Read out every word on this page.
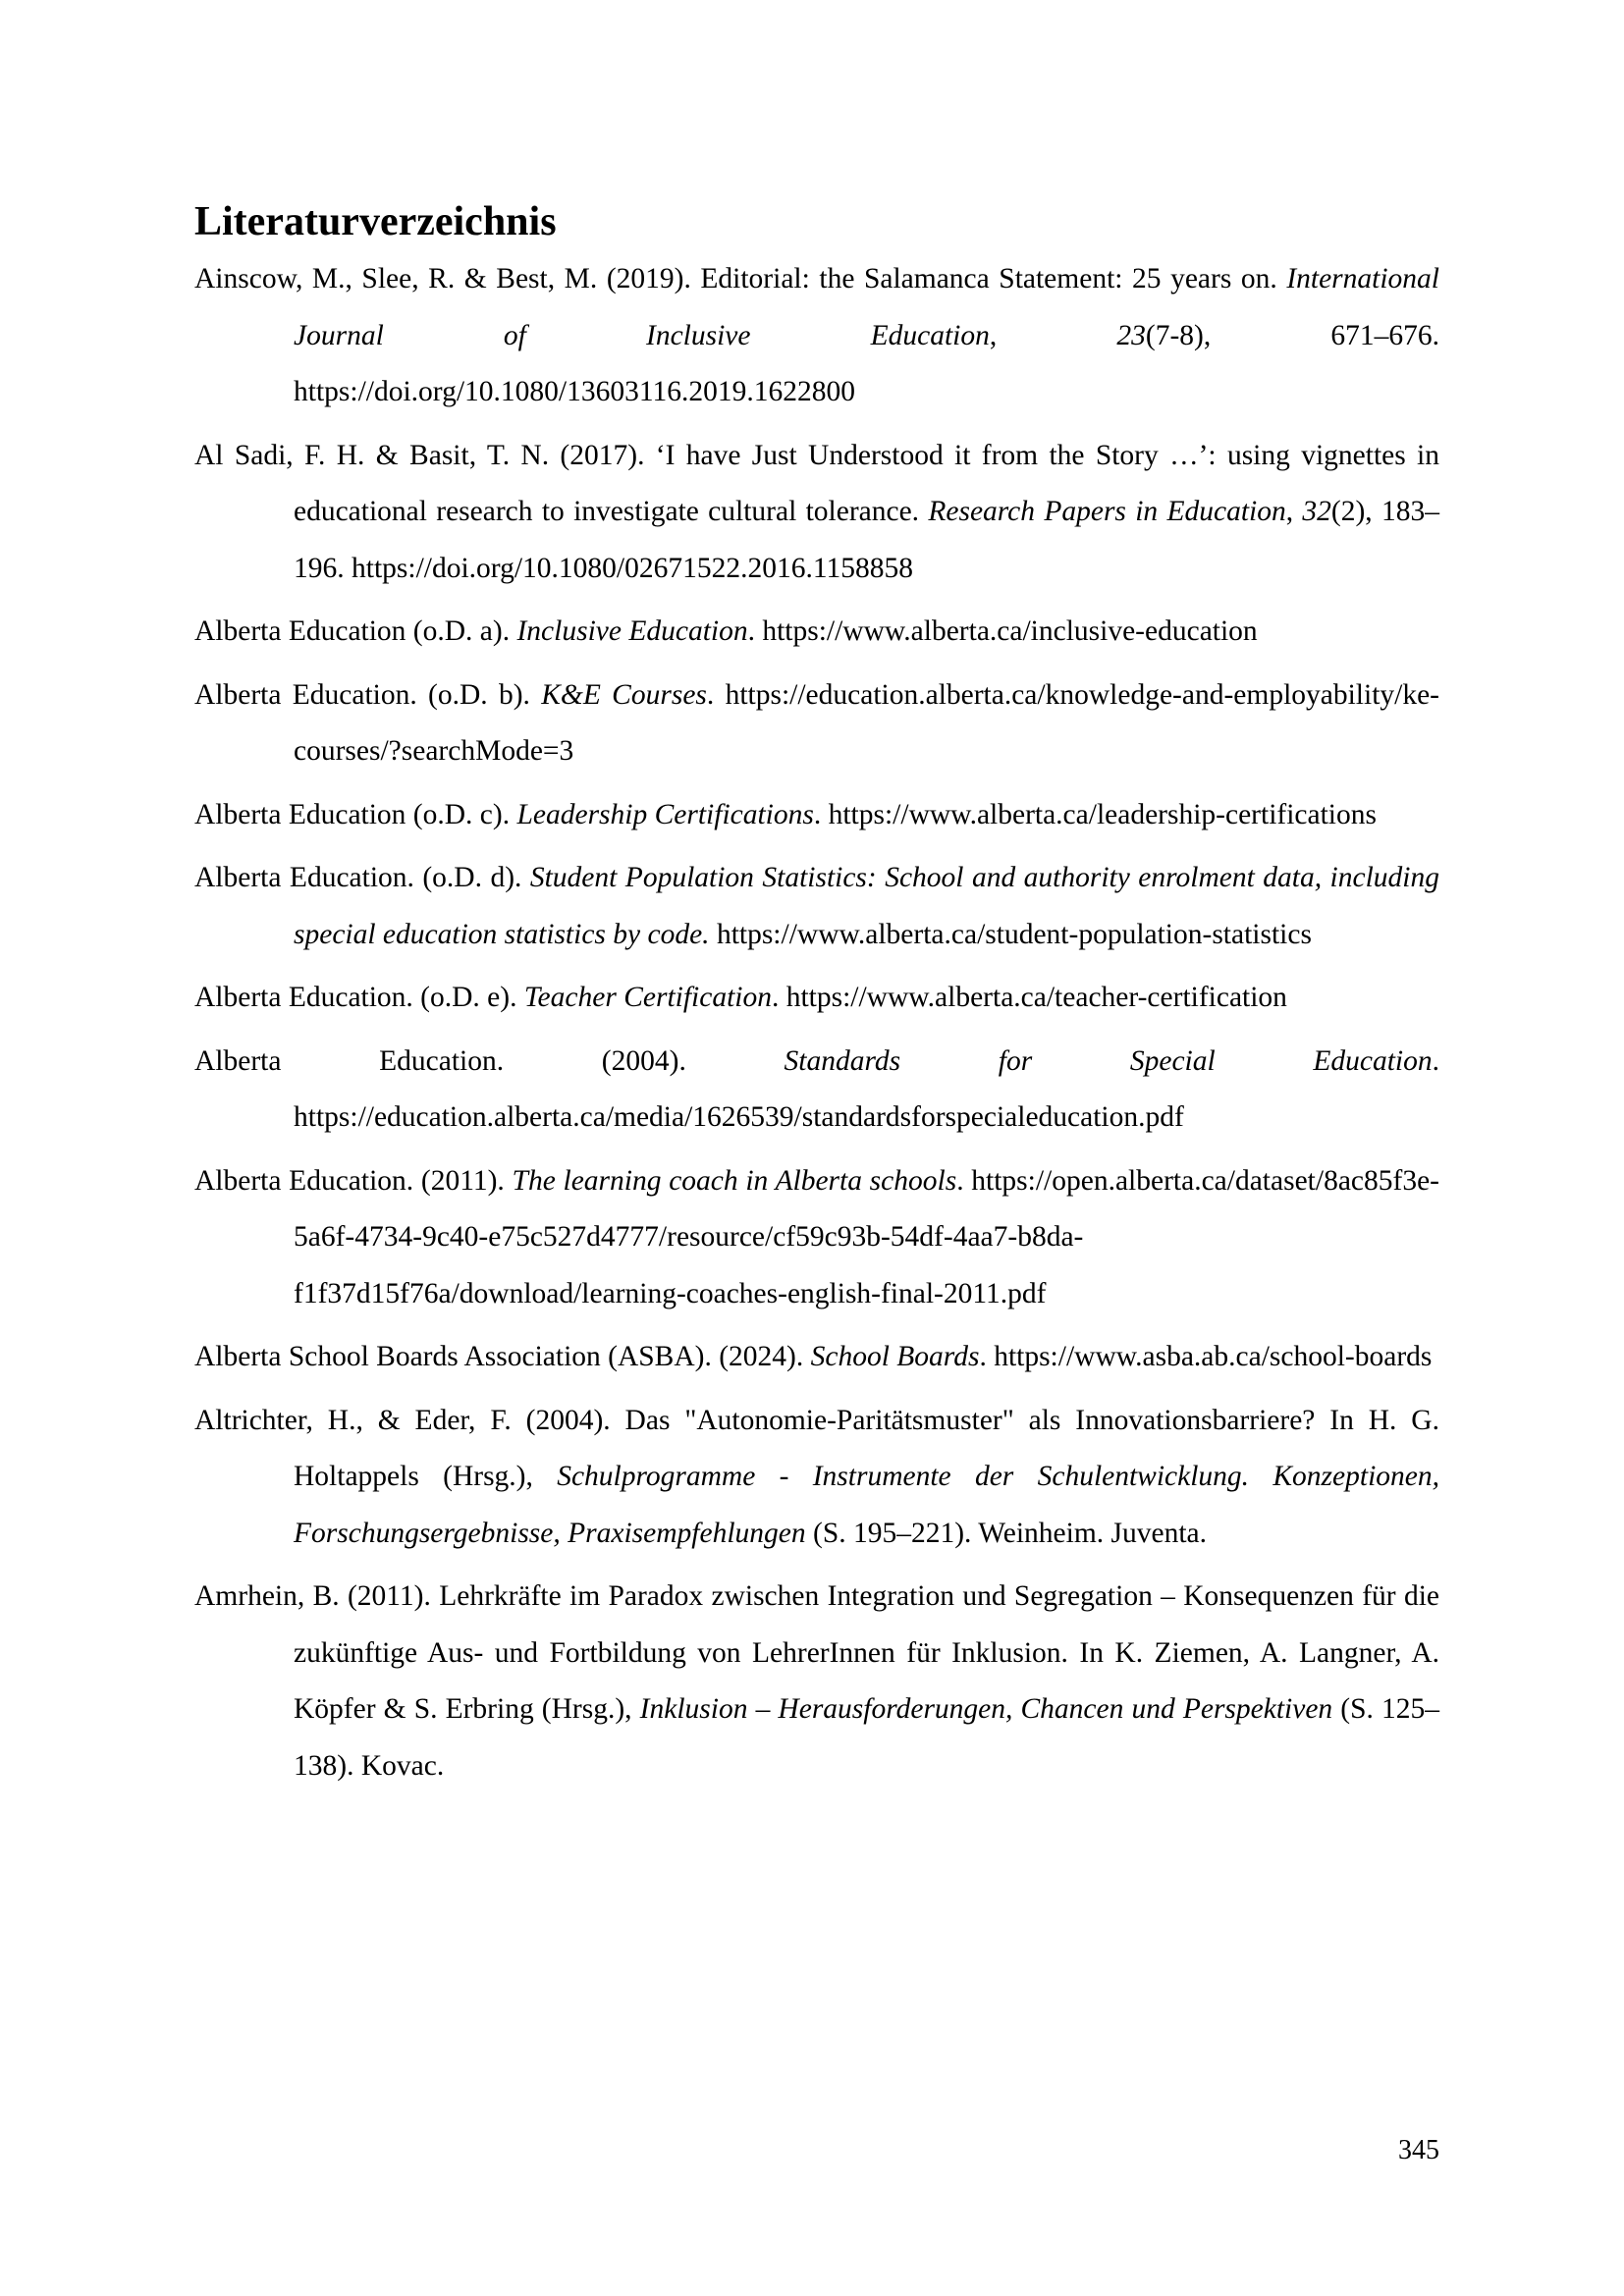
Literaturverzeichnis

Ainscow, M., Slee, R. & Best, M. (2019). Editorial: the Salamanca Statement: 25 years on. International Journal of Inclusive Education, 23(7-8), 671–676. https://doi.org/10.1080/13603116.2019.1622800

Al Sadi, F. H. & Basit, T. N. (2017). ‘I have Just Understood it from the Story …’: using vignettes in educational research to investigate cultural tolerance. Research Papers in Education, 32(2), 183–196. https://doi.org/10.1080/02671522.2016.1158858

Alberta Education (o.D. a). Inclusive Education. https://www.alberta.ca/inclusive-education

Alberta Education. (o.D. b). K&E Courses. https://education.alberta.ca/knowledge-and-employability/ke-courses/?searchMode=3

Alberta Education (o.D. c). Leadership Certifications. https://www.alberta.ca/leadership-certifications

Alberta Education. (o.D. d). Student Population Statistics: School and authority enrolment data, including special education statistics by code. https://www.alberta.ca/student-population-statistics

Alberta Education. (o.D. e). Teacher Certification. https://www.alberta.ca/teacher-certification

Alberta Education. (2004). Standards for Special Education. https://education.alberta.ca/media/1626539/standardsforspecialeducation.pdf

Alberta Education. (2011). The learning coach in Alberta schools. https://open.alberta.ca/dataset/8ac85f3e-5a6f-4734-9c40-e75c527d4777/resource/cf59c93b-54df-4aa7-b8da-f1f37d15f76a/download/learning-coaches-english-final-2011.pdf

Alberta School Boards Association (ASBA). (2024). School Boards. https://www.asba.ab.ca/school-boards

Altrichter, H., & Eder, F. (2004). Das "Autonomie-Paritätsmuster" als Innovationsbarriere? In H. G. Holtappels (Hrsg.), Schulprogramme - Instrumente der Schulentwicklung. Konzeptionen, Forschungsergebnisse, Praxisempfehlungen (S. 195–221). Weinheim. Juventa.

Amrhein, B. (2011). Lehrkräfte im Paradox zwischen Integration und Segregation – Konsequenzen für die zukünftige Aus- und Fortbildung von LehrerInnen für Inklusion. In K. Ziemen, A. Langner, A. Köpfer & S. Erbring (Hrsg.), Inklusion – Herausforderungen, Chancen und Perspektiven (S. 125–138). Kovac.

345
